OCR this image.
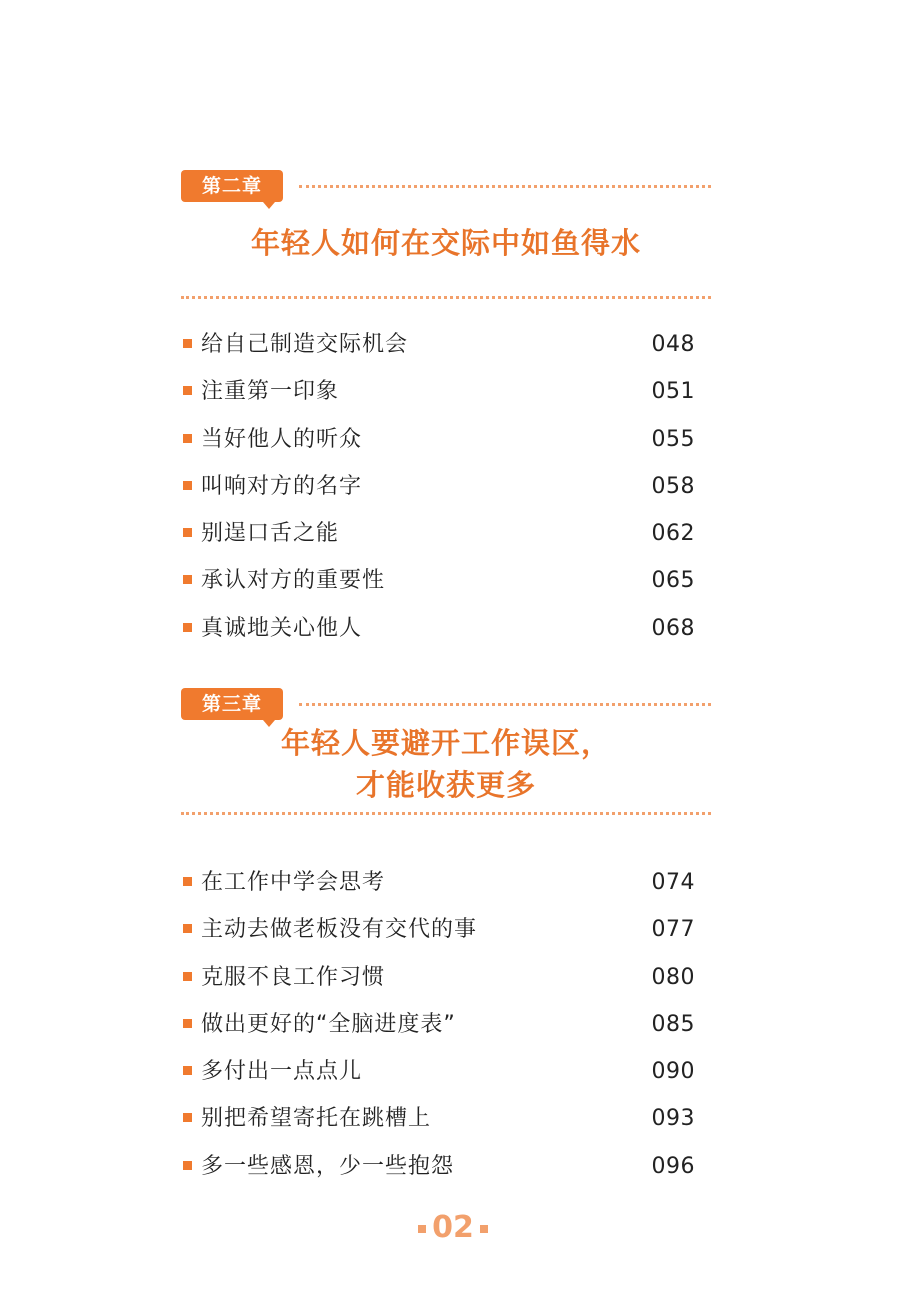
第二章
年轻人如何在交际中如鱼得水
给自己制造交际机会	048
注重第一印象	051
当好他人的听众	055
叫响对方的名字	058
别逞口舌之能	062
承认对方的重要性	065
真诚地关心他人	068
第三章
年轻人要避开工作误区，
才能收获更多
在工作中学会思考	074
主动去做老板没有交代的事	077
克服不良工作习惯	080
做出更好的“全脑进度表”	085
多付出一点点儿	090
别把希望寄托在跳槽上	093
多一些感恩，少一些抱怨	096
02
